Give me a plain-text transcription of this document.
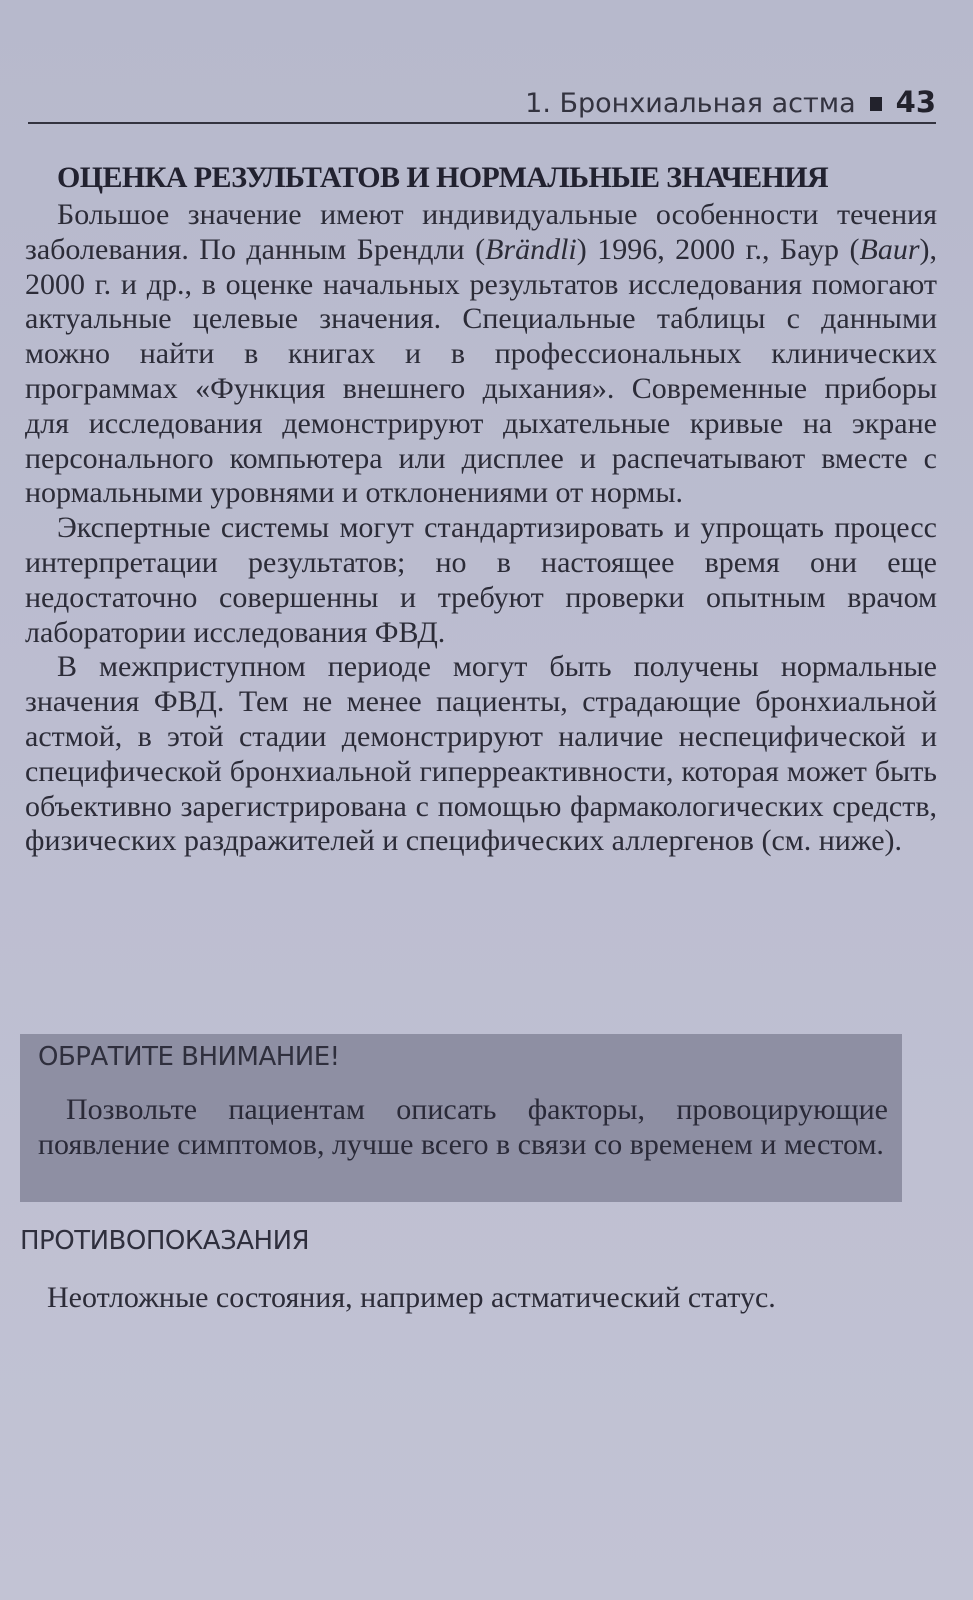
1. Бронхиальная астма 43
ОЦЕНКА РЕЗУЛЬТАТОВ И НОРМАЛЬНЫЕ ЗНАЧЕНИЯ

Большое значение имеют индивидуальные особенности течения заболевания. По данным Брендли (Brändli) 1996, 2000 г., Баур (Baur), 2000 г. и др., в оценке начальных результатов исследования помогают актуальные целевые значения. Специальные таблицы с данными можно найти в книгах и в профессиональных клинических программах «Функция внешнего дыхания». Современные приборы для исследования демонстрируют дыхательные кривые на экране персонального компьютера или дисплее и распечатывают вместе с нормальными уровнями и отклонениями от нормы.

Экспертные системы могут стандартизировать и упрощать процесс интерпретации результатов; но в настоящее время они еще недостаточно совершенны и требуют проверки опытным врачом лаборатории исследования ФВД.

В межприступном периоде могут быть получены нормальные значения ФВД. Тем не менее пациенты, страдающие бронхиальной астмой, в этой стадии демонстрируют наличие неспецифической и специфической бронхиальной гиперреактивности, которая может быть объективно зарегистрирована с помощью фармакологических средств, физических раздражителей и специфических аллергенов (см. ниже).

ОБРАТИТЕ ВНИМАНИЕ!
Позвольте пациентам описать факторы, провоцирующие появление симптомов, лучше всего в связи со временем и местом.
ПРОТИВОПОКАЗАНИЯ
Неотложные состояния, например астматический статус.
